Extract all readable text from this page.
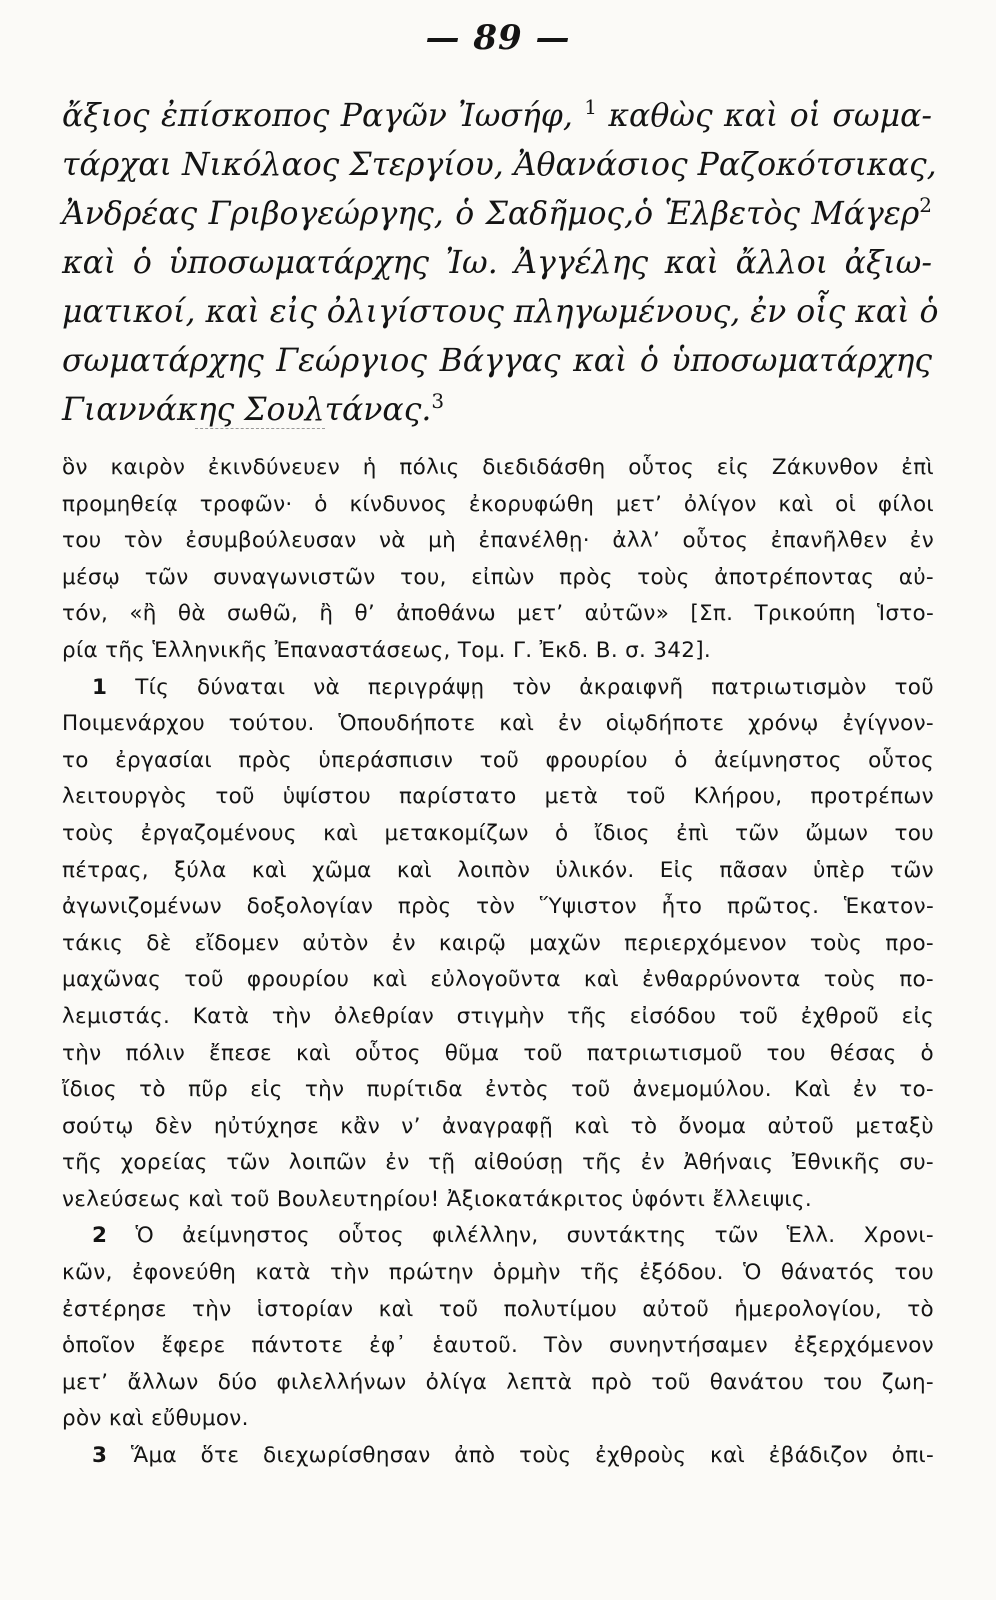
— 89 —
ἄξιος ἐπίσκοπος Ραγῶν Ἰωσήφ, $^1$ καθὼς καὶ οἱ σωμα-
τάρχαι Νικόλαος Στεργίου, Ἀθανάσιος Ραζοκότσικας,
Ἀνδρέας Γριβογεώργης, ὁ Σαδῆμος,ὁ Ἑλβετὸς Μάγερ$^2$
καὶ ὁ ὑποσωματάρχης Ἰω. Ἀγγέλης καὶ ἄλλοι ἀξιω-
ματικοί, καὶ εἰς ὀλιγίστους πληγωμένους, ἐν οἷς καὶ ὁ
σωματάρχης Γεώργιος Βάγγας καὶ ὁ ὑποσωματάρχης
Γιαννάκης Σουλτάνας.$^3$
ὃν καιρὸν ἐκινδύνευεν ἡ πόλις διεδιδάσθη οὗτος εἰς Ζάκυνθον ἐπὶ
προμηθείᾳ τροφῶν· ὁ κίνδυνος ἐκορυφώθη μετ’ ὀλίγον καὶ οἱ φίλοι
του τὸν ἐσυμβούλευσαν νὰ μὴ ἐπανέλθῃ· ἀλλ’ οὗτος ἐπανῆλθεν ἐν
μέσῳ τῶν συναγωνιστῶν του, εἰπὼν πρὸς τοὺς ἀποτρέποντας αὐ-
τόν, «ἢ θὰ σωθῶ, ἢ θ’ ἀποθάνω μετ’ αὐτῶν» [Σπ. Τρικούπη Ἱστο-
ρία τῆς Ἑλληνικῆς Ἐπαναστάσεως, Τομ. Γ. Ἐκδ. Β. σ. 342].
1 Τίς δύναται νὰ περιγράψῃ τὸν ἀκραιφνῆ πατριωτισμὸν τοῦ
Ποιμενάρχου τούτου. Ὁπουδήποτε καὶ ἐν οἱῳδήποτε χρόνῳ ἐγίγνον-
το ἐργασίαι πρὸς ὑπεράσπισιν τοῦ φρουρίου ὁ ἀείμνηστος οὗτος
λειτουργὸς τοῦ ὑψίστου παρίστατο μετὰ τοῦ Κλήρου, προτρέπων
τοὺς ἐργαζομένους καὶ μετακομίζων ὁ ἴδιος ἐπὶ τῶν ὤμων του
πέτρας, ξύλα καὶ χῶμα καὶ λοιπὸν ὑλικόν. Εἰς πᾶσαν ὑπὲρ τῶν
ἀγωνιζομένων δοξολογίαν πρὸς τὸν Ὕψιστον ἦτο πρῶτος. Ἑκατον-
τάκις δὲ εἴδομεν αὐτὸν ἐν καιρῷ μαχῶν περιερχόμενον τοὺς προ-
μαχῶνας τοῦ φρουρίου καὶ εὐλογοῦντα καὶ ἐνθαρρύνοντα τοὺς πο-
λεμιστάς. Κατὰ τὴν ὀλεθρίαν στιγμὴν τῆς εἰσόδου τοῦ ἐχθροῦ εἰς
τὴν πόλιν ἔπεσε καὶ οὗτος θῦμα τοῦ πατριωτισμοῦ του θέσας ὁ
ἴδιος τὸ πῦρ εἰς τὴν πυρίτιδα ἐντὸς τοῦ ἀνεμομύλου. Καὶ ἐν το-
σούτῳ δὲν ηὐτύχησε κἂν ν’ ἀναγραφῇ καὶ τὸ ὄνομα αὐτοῦ μεταξὺ
τῆς χορείας τῶν λοιπῶν ἐν τῇ αἰθούσῃ τῆς ἐν Ἀθήναις Ἐθνικῆς συ-
νελεύσεως καὶ τοῦ Βουλευτηρίου! Ἀξιοκατάκριτος ὑφόντι ἔλλειψις.
2 Ὁ ἀείμνηστος οὗτος φιλέλλην, συντάκτης τῶν Ἑλλ. Χρονι-
κῶν, ἐφονεύθη κατὰ τὴν πρώτην ὁρμὴν τῆς ἐξόδου. Ὁ θάνατός του
ἐστέρησε τὴν ἱστορίαν καὶ τοῦ πολυτίμου αὐτοῦ ἡμερολογίου, τὸ
ὁποῖον ἔφερε πάντοτε ἐφ᾽ ἑαυτοῦ. Τὸν συνηντήσαμεν ἐξερχόμενον
μετ’ ἄλλων δύο φιλελλήνων ὀλίγα λεπτὰ πρὸ τοῦ θανάτου του ζωη-
ρὸν καὶ εὔθυμον.
3 Ἅμα ὅτε διεχωρίσθησαν ἀπὸ τοὺς ἐχθροὺς καὶ ἐβάδιζον ὀπι-
